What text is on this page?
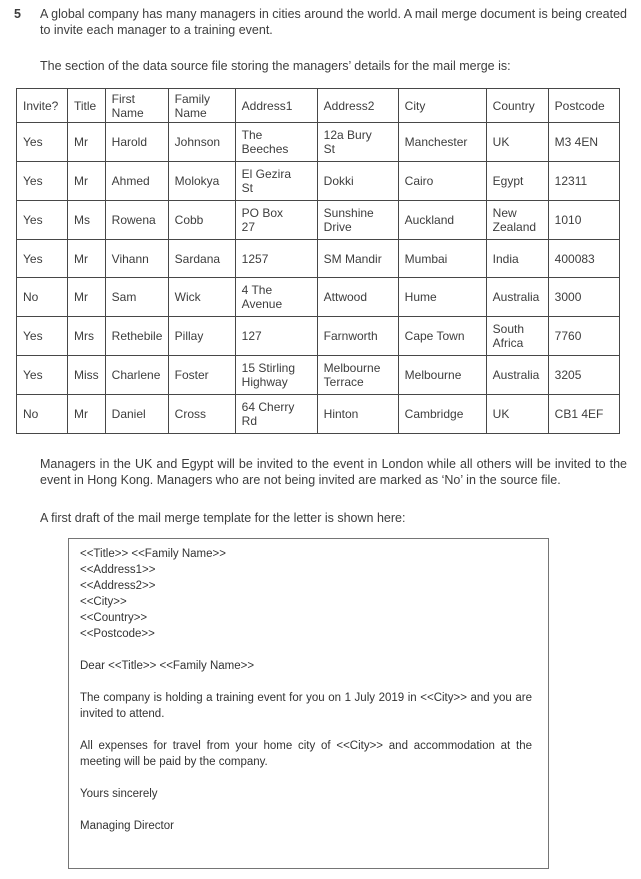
5	A global company has many managers in cities around the world. A mail merge document is being created to invite each manager to a training event.

The section of the data source file storing the managers’ details for the mail merge is:

Invite?	Title	First Name	Family Name	Address1	Address2	City	Country	Postcode
Yes	Mr	Harold	Johnson	The Beeches	12a Bury St	Manchester	UK	M3 4EN
Yes	Mr	Ahmed	Molokya	El Gezira St	Dokki	Cairo	Egypt	12311
Yes	Ms	Rowena	Cobb	PO Box 27	Sunshine Drive	Auckland	New Zealand	1010
Yes	Mr	Vihann	Sardana	1257	SM Mandir	Mumbai	India	400083
No	Mr	Sam	Wick	4 The Avenue	Attwood	Hume	Australia	3000
Yes	Mrs	Rethebile	Pillay	127	Farnworth	Cape Town	South Africa	7760
Yes	Miss	Charlene	Foster	15 Stirling Highway	Melbourne Terrace	Melbourne	Australia	3205
No	Mr	Daniel	Cross	64 Cherry Rd	Hinton	Cambridge	UK	CB1 4EF

Managers in the UK and Egypt will be invited to the event in London while all others will be invited to the event in Hong Kong. Managers who are not being invited are marked as ‘No’ in the source file.

A first draft of the mail merge template for the letter is shown here:

<<Title>> <<Family Name>>
<<Address1>>
<<Address2>>
<<City>>
<<Country>>
<<Postcode>>
Dear <<Title>> <<Family Name>>
The company is holding a training event for you on 1 July 2019 in <<City>> and you are invited to attend.
All expenses for travel from your home city of <<City>> and accommodation at the meeting will be paid by the company.
Yours sincerely
Managing Director
